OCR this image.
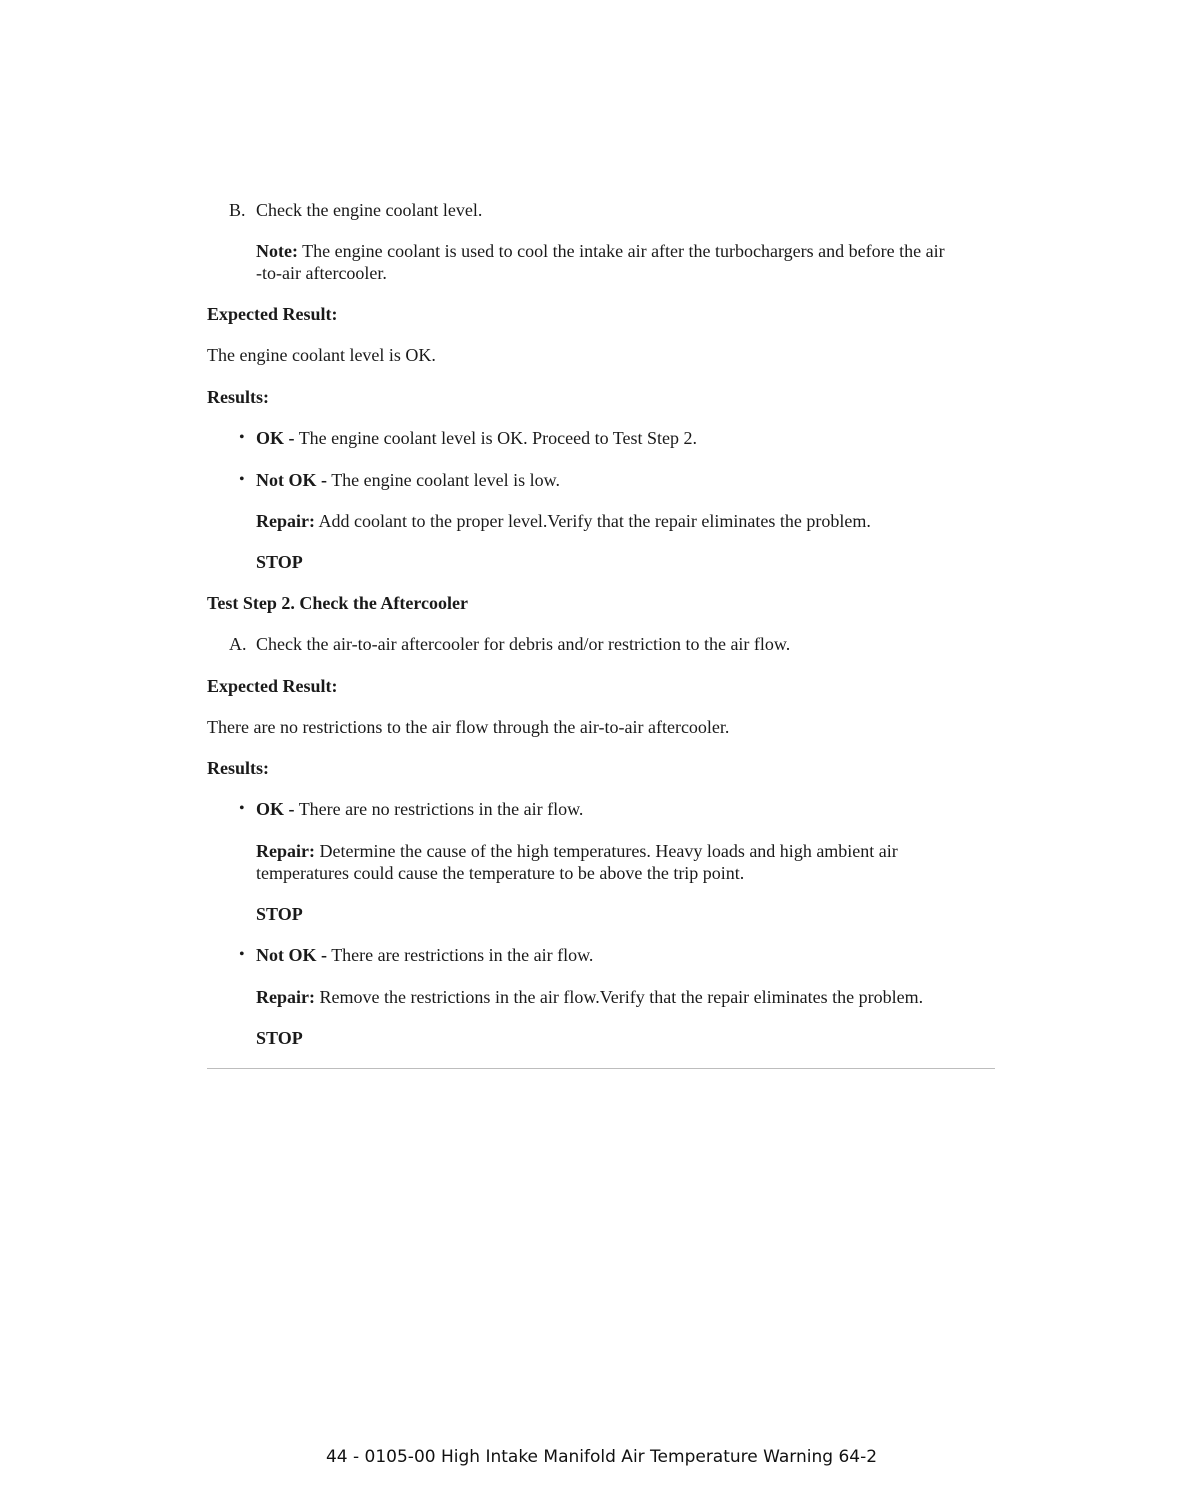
B. Check the engine coolant level.
Note: The engine coolant is used to cool the intake air after the turbochargers and before the air
-to-air aftercooler.
Expected Result:
The engine coolant level is OK.
Results:
• OK - The engine coolant level is OK. Proceed to Test Step 2.
• Not OK - The engine coolant level is low.
Repair: Add coolant to the proper level.Verify that the repair eliminates the problem.
STOP
Test Step 2. Check the Aftercooler
A. Check the air-to-air aftercooler for debris and/or restriction to the air flow.
Expected Result:
There are no restrictions to the air flow through the air-to-air aftercooler.
Results:
• OK - There are no restrictions in the air flow.
Repair: Determine the cause of the high temperatures. Heavy loads and high ambient air
temperatures could cause the temperature to be above the trip point.
STOP
• Not OK - There are restrictions in the air flow.
Repair: Remove the restrictions in the air flow.Verify that the repair eliminates the problem.
STOP
44 - 0105-00 High Intake Manifold Air Temperature Warning 64-2
